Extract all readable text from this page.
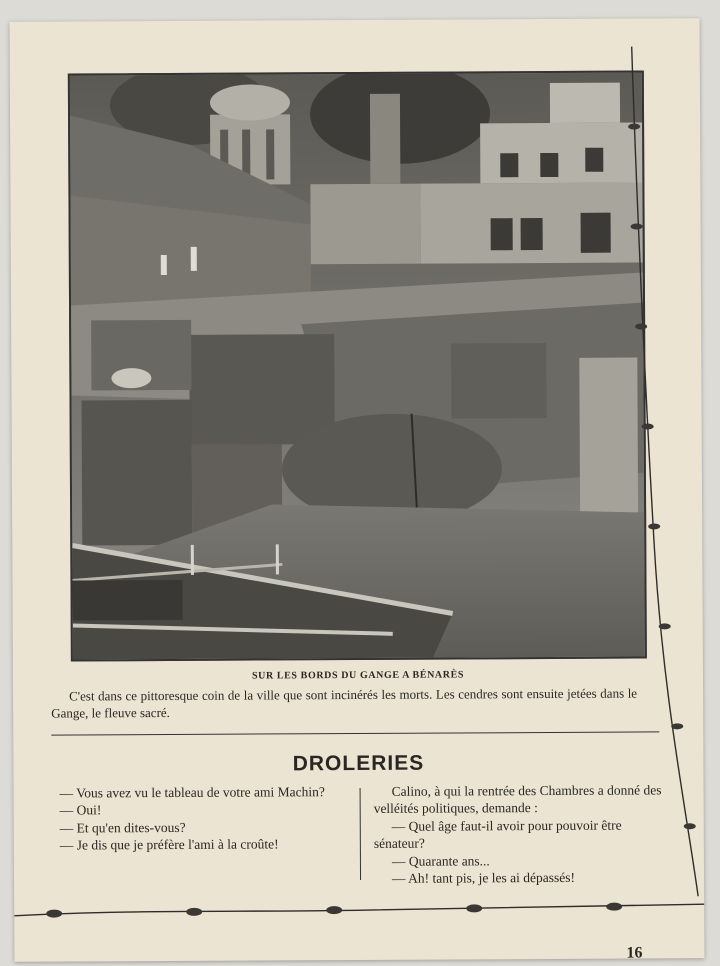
SUR LES BORDS DU GANGE A BÉNARÈS
C'est dans ce pittoresque coin de la ville que sont incinérés les morts. Les cendres sont ensuite jetées dans le Gange, le fleuve sacré.
DROLERIES

— Vous avez vu le tableau de votre ami Machin?

— Oui!

— Et qu'en dites-vous?

— Je dis que je préfère l'ami à la croûte!

Calino, à qui la rentrée des Chambres a donné des velléités politiques, demande :

— Quel âge faut-il avoir pour pouvoir être sénateur?

— Quarante ans...

— Ah! tant pis, je les ai dépassés!

16
